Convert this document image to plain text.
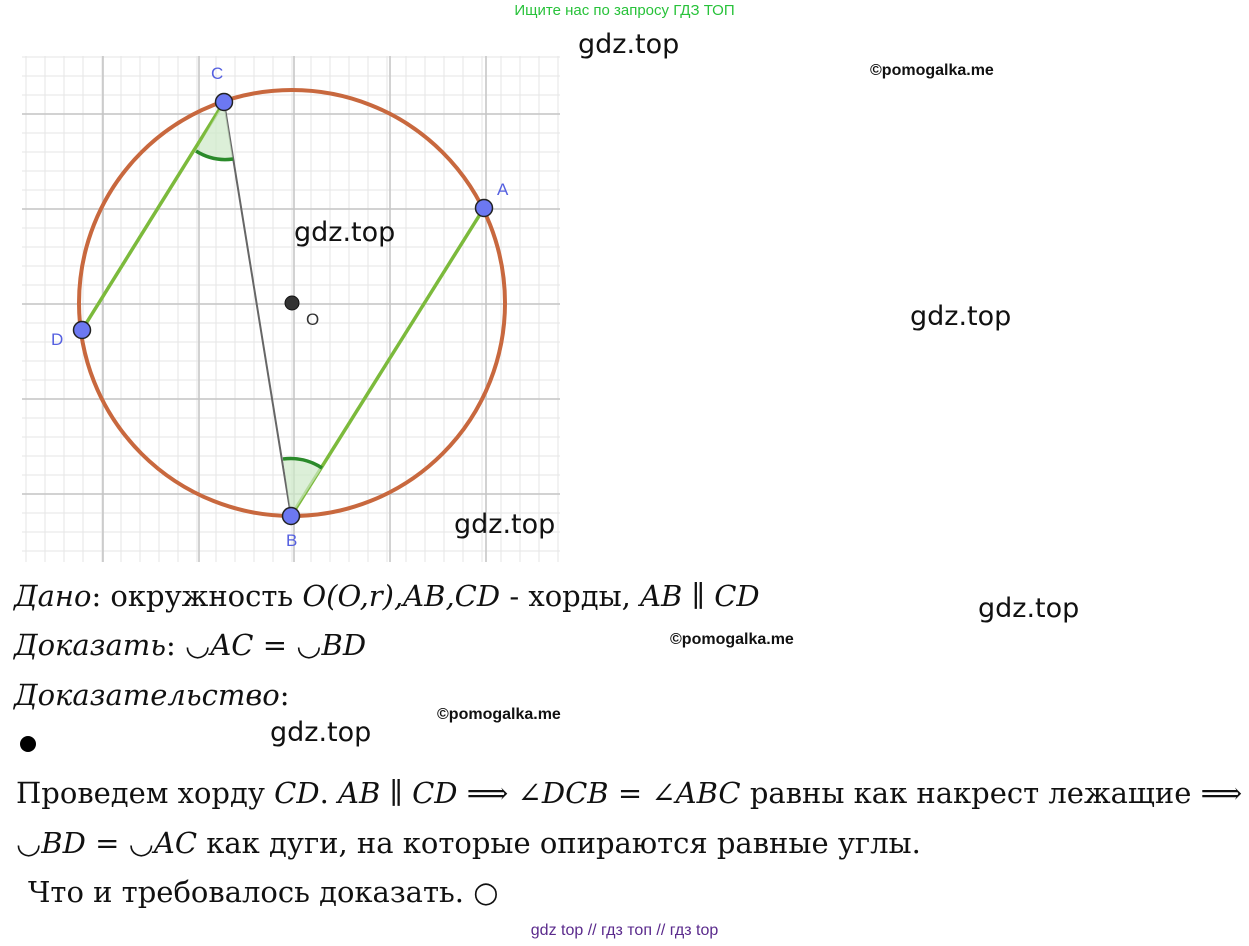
Ищите нас по запросу ГДЗ ТОП
C
A
D
B
O
gdz.top
©pomogalka.me
gdz.top
gdz.top
gdz.top
gdz.top
©pomogalka.me
©pomogalka.me
gdz.top
Дано: окружность O(O,r),AB,CD - хорды, AB ∥ CD
Доказать: ◡AC = ◡BD
Доказательство:
Проведем хорду CD. AB ∥ CD ⟹ ∠DCB = ∠ABC равны как накрест лежащие ⟹
◡BD = ◡AC как дуги, на которые опираются равные углы.
Что и требовалось доказать. ○
gdz top // гдз топ // гдз top
